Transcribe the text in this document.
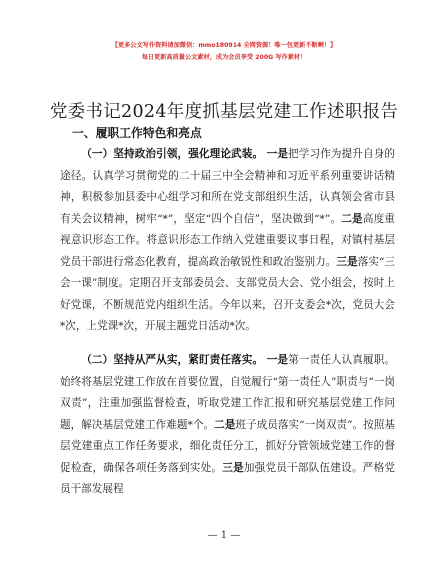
【更多公文写作资料请加微信：mmo180914 全网资源！唯一包更新不断啊！】
每日更新高质量公文素材，成为会员享受 200G 写作素材！
党委书记2024年度抓基层党建工作述职报告
一、履职工作特色和亮点
（一）坚持政治引领，强化理论武装。 一是把学习作为提升自身的途径。认真学习贯彻党的二十届三中全会精神和习近平系列重要讲话精神，积极参加县委中心组学习和所在党支部组织生活，认真领会省市县有关会议精神，树牢“*”，坚定“四个自信”，坚决做到“*”。二是高度重视意识形态工作。将意识形态工作纳入党建重要议事日程，对镇村基层党员干部进行常态化教育，提高政治敏锐性和政治鉴别力。三是落实“三会一课”制度。定期召开支部委员会、支部党员大会、党小组会，按时上好党课，不断规范党内组织生活。今年以来，召开支委会*次，党员大会*次，上党课*次，开展主题党日活动*次。
（二）坚持从严从实，紧盯责任落实。 一是第一责任人认真履职。始终将基层党建工作放在首要位置，自觉履行“第一责任人”职责与“一岗双责”，注重加强监督检查，听取党建工作汇报和研究基层党建工作问题，解决基层党建工作难题*个。二是班子成员落实“一岗双责”。按照基层党建重点工作任务要求，细化责任分工，抓好分管领域党建工作的督促检查，确保各项任务落到实处。三是加强党员干部队伍建设。严格党员干部发展程
— 1 —
